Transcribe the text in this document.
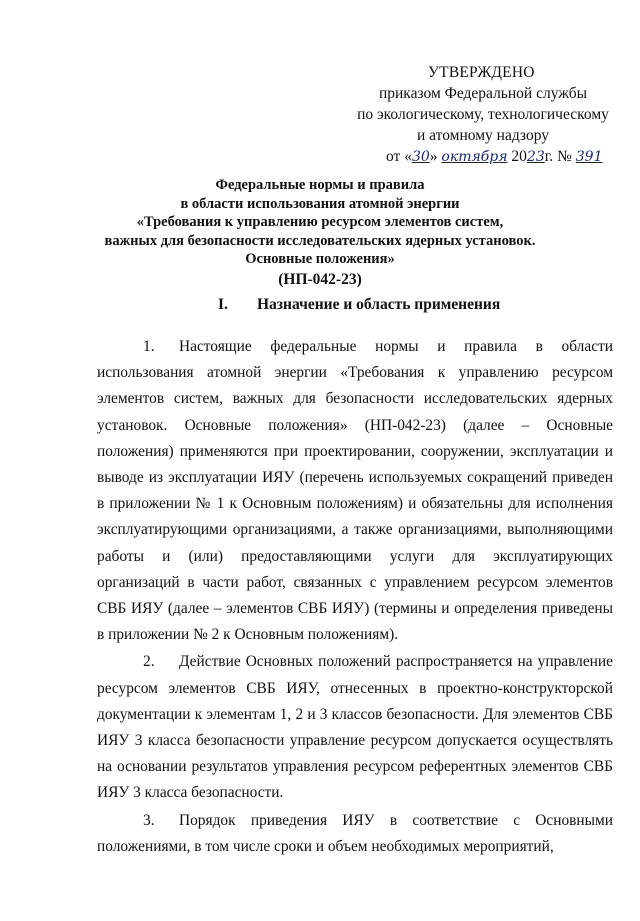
УТВЕРЖДЕНО
приказом Федеральной службы
по экологическому, технологическому
и атомному надзору
от «30» октября 2023г. № 391
Федеральные нормы и правила
в области использования атомной энергии
«Требования к управлению ресурсом элементов систем,
важных для безопасности исследовательских ядерных установок.
Основные положения»
(НП-042-23)
I. Назначение и область применения

1. Настоящие федеральные нормы и правила в области использования атомной энергии «Требования к управлению ресурсом элементов систем, важных для безопасности исследовательских ядерных установок. Основные положения» (НП-042-23) (далее – Основные положения) применяются при проектировании, сооружении, эксплуатации и выводе из эксплуатации ИЯУ (перечень используемых сокращений приведен в приложении № 1 к Основным положениям) и обязательны для исполнения эксплуатирующими организациями, а также организациями, выполняющими работы и (или) предоставляющими услуги для эксплуатирующих организаций в части работ, связанных с управлением ресурсом элементов СВБ ИЯУ (далее – элементов СВБ ИЯУ) (термины и определения приведены в приложении № 2 к Основным положениям).

2. Действие Основных положений распространяется на управление ресурсом элементов СВБ ИЯУ, отнесенных в проектно-конструкторской документации к элементам 1, 2 и 3 классов безопасности. Для элементов СВБ ИЯУ 3 класса безопасности управление ресурсом допускается осуществлять на основании результатов управления ресурсом референтных элементов СВБ ИЯУ 3 класса безопасности.

3. Порядок приведения ИЯУ в соответствие с Основными положениями, в том числе сроки и объем необходимых мероприятий,
